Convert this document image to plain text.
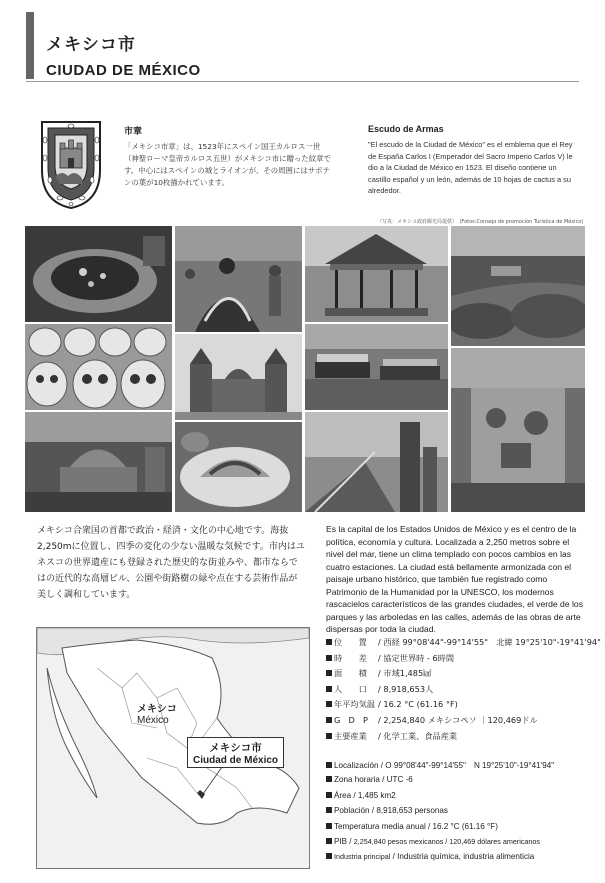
メキシコ市
CIUDAD DE MÉXICO
市章
「メキシコ市章」は、1523年にスペイン国王カルロス一世（神聖ローマ皇帝カルロス五世）がメキシコ市に贈った紋章です。中心にはスペインの城とライオンが、その周囲にはサボテンの葉が10枚描かれています。
Escudo de Armas
"El escudo de la Ciudad de México" es el emblema que el Rey de España Carlos I (Emperador del Sacro Imperio Carlos V) le dio a la Ciudad de México en 1523. El diseño contiene un castillo español y un león, además de 10 hojas de cactus a su alrededor.
（写真：メキシコ政府観光局提供）　(Fotos:Consejo de promoción Turística de México)
メキシコ合衆国の首都で政治・経済・文化の中心地です。海抜2,250mに位置し、四季の変化の少ない温暖な気候です。市内はユネスコの世界遺産にも登録された歴史的な街並みや、都市ならではの近代的な高層ビル、公園や街路樹の緑や点在する芸術作品が美しく調和しています。
Es la capital de los Estados Unidos de México y es el centro de la política, economía y cultura. Localizada a 2,250 metros sobre el nivel del mar, tiene un clima templado con pocos cambios en las cuatro estaciones. La ciudad está bellamente armonizada con el paisaje urbano histórico, que también fue registrado como Patrimonio de la Humanidad por la UNESCO, los modernos rascacielos característicos de las grandes ciudades, el verde de los parques y las arboledas en las calles, además de las obras de arte dispersas por toda la ciudad.
メキシコ
México
メキシコ市
Ciudad de México
位　　置 / 西経 99°08'44"-99°14'55"　北緯 19°25'10"-19°41'94"
時　　差 / 協定世界時 - 6時間
面　　積 / 市域1,485㎢
人　　口 / 8,918,653人
年平均気温 / 16.2 °C (61.16 °F)
G　D　P / 2,254,840 メキシコペソ ｜120,469ドル
主要産業 / 化学工業、食品産業
Localización / O 99°08'44"-99°14'55"　N 19°25'10"-19°41'94"
Zona horaria / UTC -6
Área / 1,485 km2
Población / 8,918,653 personas
Temperatura media anual / 16.2 °C (61.16 °F)
PIB / 2,254,840 pesos mexicanos / 120,469 dólares americanos
Industria principal / Industria química, industria alimenticia
